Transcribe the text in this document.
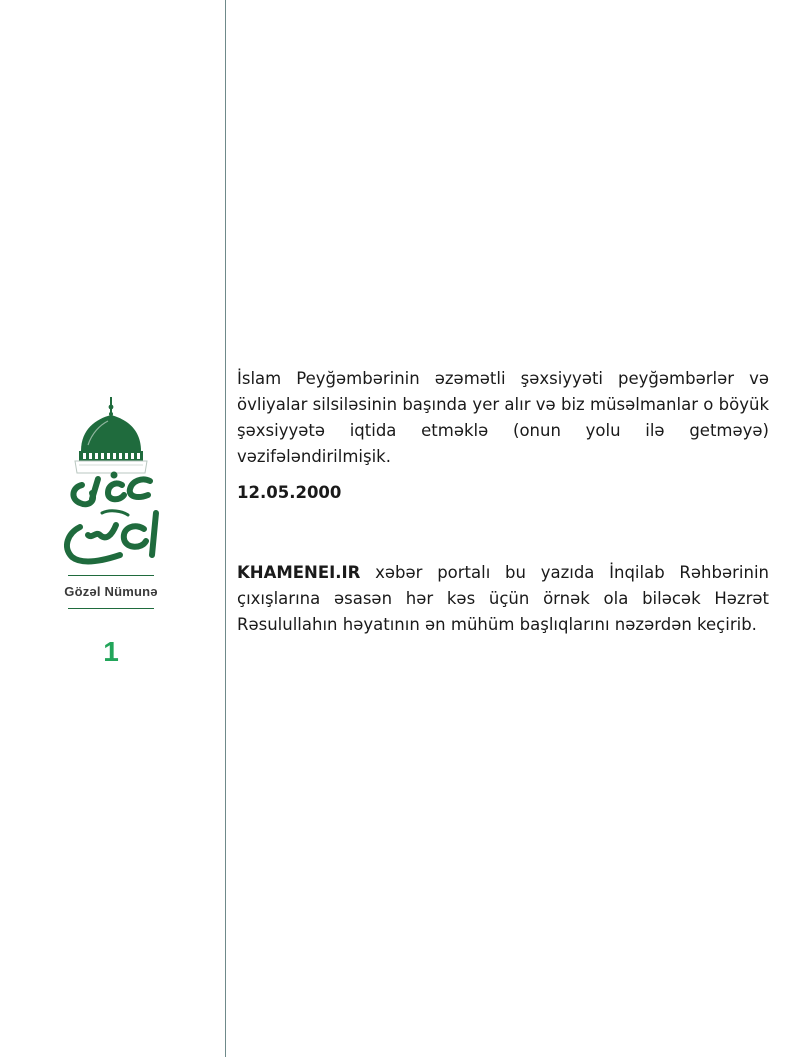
Gözəl Nümunə
1

İslam Peyğəmbərinin əzəmətli şəxsiyyəti peyğəmbərlər və övliyalar silsiləsinin başında yer alır və biz müsəlmanlar o böyük şəxsiyyətə iqtida etməklə (onun yolu ilə getməyə) vəzifələndirilmişik.

12.05.2000

KHAMENEI.IR xəbər portalı bu yazıda İnqilab Rəhbərinin çıxışlarına əsasən hər kəs üçün örnək ola biləcək Həzrət Rəsulullahın həyatının ən mühüm başlıqlarını nəzərdən keçirib.
